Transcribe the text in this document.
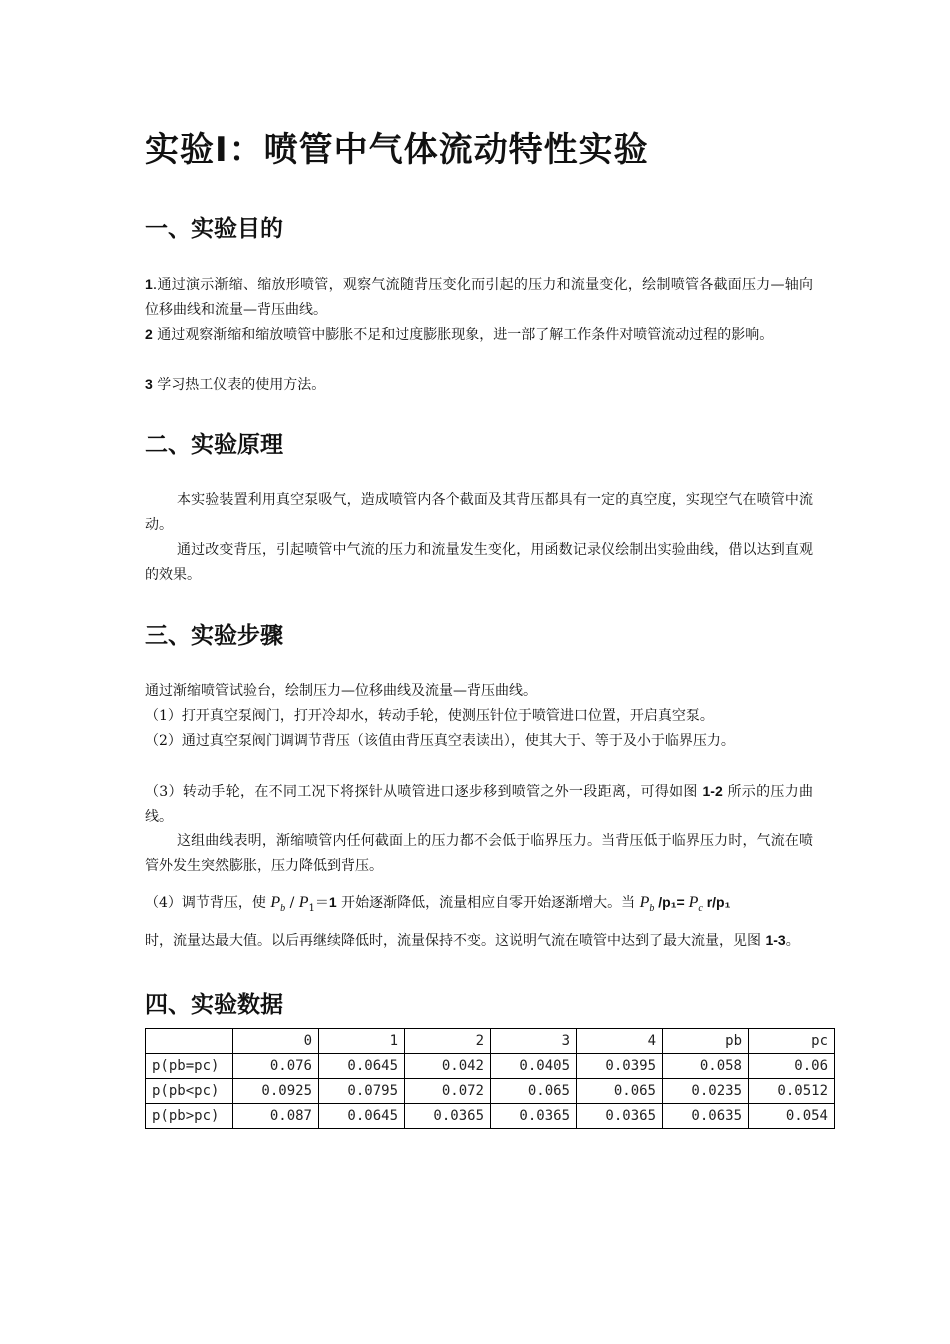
实验Ⅰ：喷管中气体流动特性实验
一、实验目的

1.通过演示渐缩、缩放形喷管，观察气流随背压变化而引起的压力和流量变化，绘制喷管各截面压力—轴向位移曲线和流量—背压曲线。

2 通过观察渐缩和缩放喷管中膨胀不足和过度膨胀现象，进一部了解工作条件对喷管流动过程的影响。

3 学习热工仪表的使用方法。

二、实验原理

本实验装置利用真空泵吸气，造成喷管内各个截面及其背压都具有一定的真空度，实现空气在喷管中流动。

通过改变背压，引起喷管中气流的压力和流量发生变化，用函数记录仪绘制出实验曲线，借以达到直观的效果。

三、实验步骤

通过渐缩喷管试验台，绘制压力—位移曲线及流量—背压曲线。

（1）打开真空泵阀门，打开冷却水，转动手轮，使测压针位于喷管进口位置，开启真空泵。

（2）通过真空泵阀门调调节背压（该值由背压真空表读出），使其大于、等于及小于临界压力。

（3）转动手轮，在不同工况下将探针从喷管进口逐步移到喷管之外一段距离，可得如图 1-2 所示的压力曲线。

这组曲线表明，渐缩喷管内任何截面上的压力都不会低于临界压力。当背压低于临界压力时，气流在喷管外发生突然膨胀，压力降低到背压。

（4）调节背压，使 $P_b / P_1=1$ 开始逐渐降低，流量相应自零开始逐渐增大。当 $P_b$ $/p_1= P_c$ r/p₁

时，流量达最大值。以后再继续降低时，流量保持不变。这说明气流在喷管中达到了最大流量，见图 1-3。

四、实验数据
	0	1	2	3	4	pb	pc
p(pb=pc)	0.076	0.0645	0.042	0.0405	0.0395	0.058	0.06
p(pb<pc)	0.0925	0.0795	0.072	0.065	0.065	0.0235	0.0512
p(pb>pc)	0.087	0.0645	0.0365	0.0365	0.0365	0.0635	0.054
